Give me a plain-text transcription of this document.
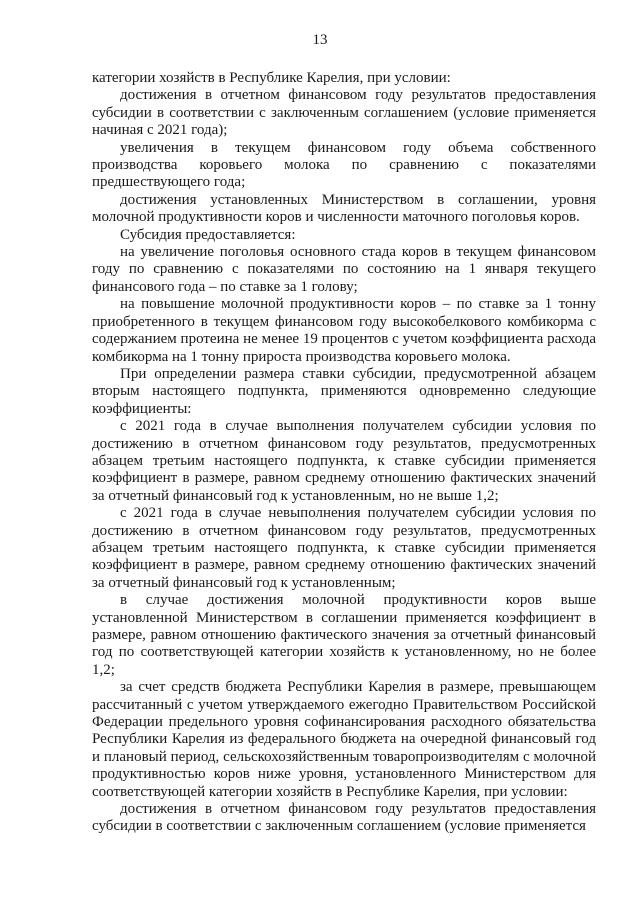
13

категории хозяйств в Республике Карелия, при условии:

достижения в отчетном финансовом году результатов предоставления субсидии в соответствии с заключенным соглашением (условие применяется начиная с 2021 года);

увеличения в текущем финансовом году объема собственного производства коровьего молока по сравнению с показателями предшествующего года;

достижения установленных Министерством в соглашении, уровня молочной продуктивности коров и численности маточного поголовья коров.

Субсидия предоставляется:

на увеличение поголовья основного стада коров в текущем финансовом году по сравнению с показателями по состоянию на 1 января текущего финансового года – по ставке за 1 голову;

на повышение молочной продуктивности коров – по ставке за 1 тонну приобретенного в текущем финансовом году высокобелкового комбикорма с содержанием протеина не менее 19 процентов с учетом коэффициента расхода комбикорма на 1 тонну прироста производства коровьего молока.

При определении размера ставки субсидии, предусмотренной абзацем вторым настоящего подпункта, применяются одновременно следующие коэффициенты:

с 2021 года в случае выполнения получателем субсидии условия по достижению в отчетном финансовом году результатов, предусмотренных абзацем третьим настоящего подпункта, к ставке субсидии применяется коэффициент в размере, равном среднему отношению фактических значений за отчетный финансовый год к установленным, но не выше 1,2;

с 2021 года в случае невыполнения получателем субсидии условия по достижению в отчетном финансовом году результатов, предусмотренных абзацем третьим настоящего подпункта, к ставке субсидии применяется коэффициент в размере, равном среднему отношению фактических значений за отчетный финансовый год к установленным;

в случае достижения молочной продуктивности коров выше установленной Министерством в соглашении применяется коэффициент в размере, равном отношению фактического значения за отчетный финансовый год по соответствующей категории хозяйств к установленному, но не более 1,2;

за счет средств бюджета Республики Карелия в размере, превышающем рассчитанный с учетом утверждаемого ежегодно Правительством Российской Федерации предельного уровня софинансирования расходного обязательства Республики Карелия из федерального бюджета на очередной финансовый год и плановый период, сельскохозяйственным товаропроизводителям с молочной продуктивностью коров ниже уровня, установленного Министерством для соответствующей категории хозяйств в Республике Карелия, при условии:

достижения в отчетном финансовом году результатов предоставления субсидии в соответствии с заключенным соглашением (условие применяется
